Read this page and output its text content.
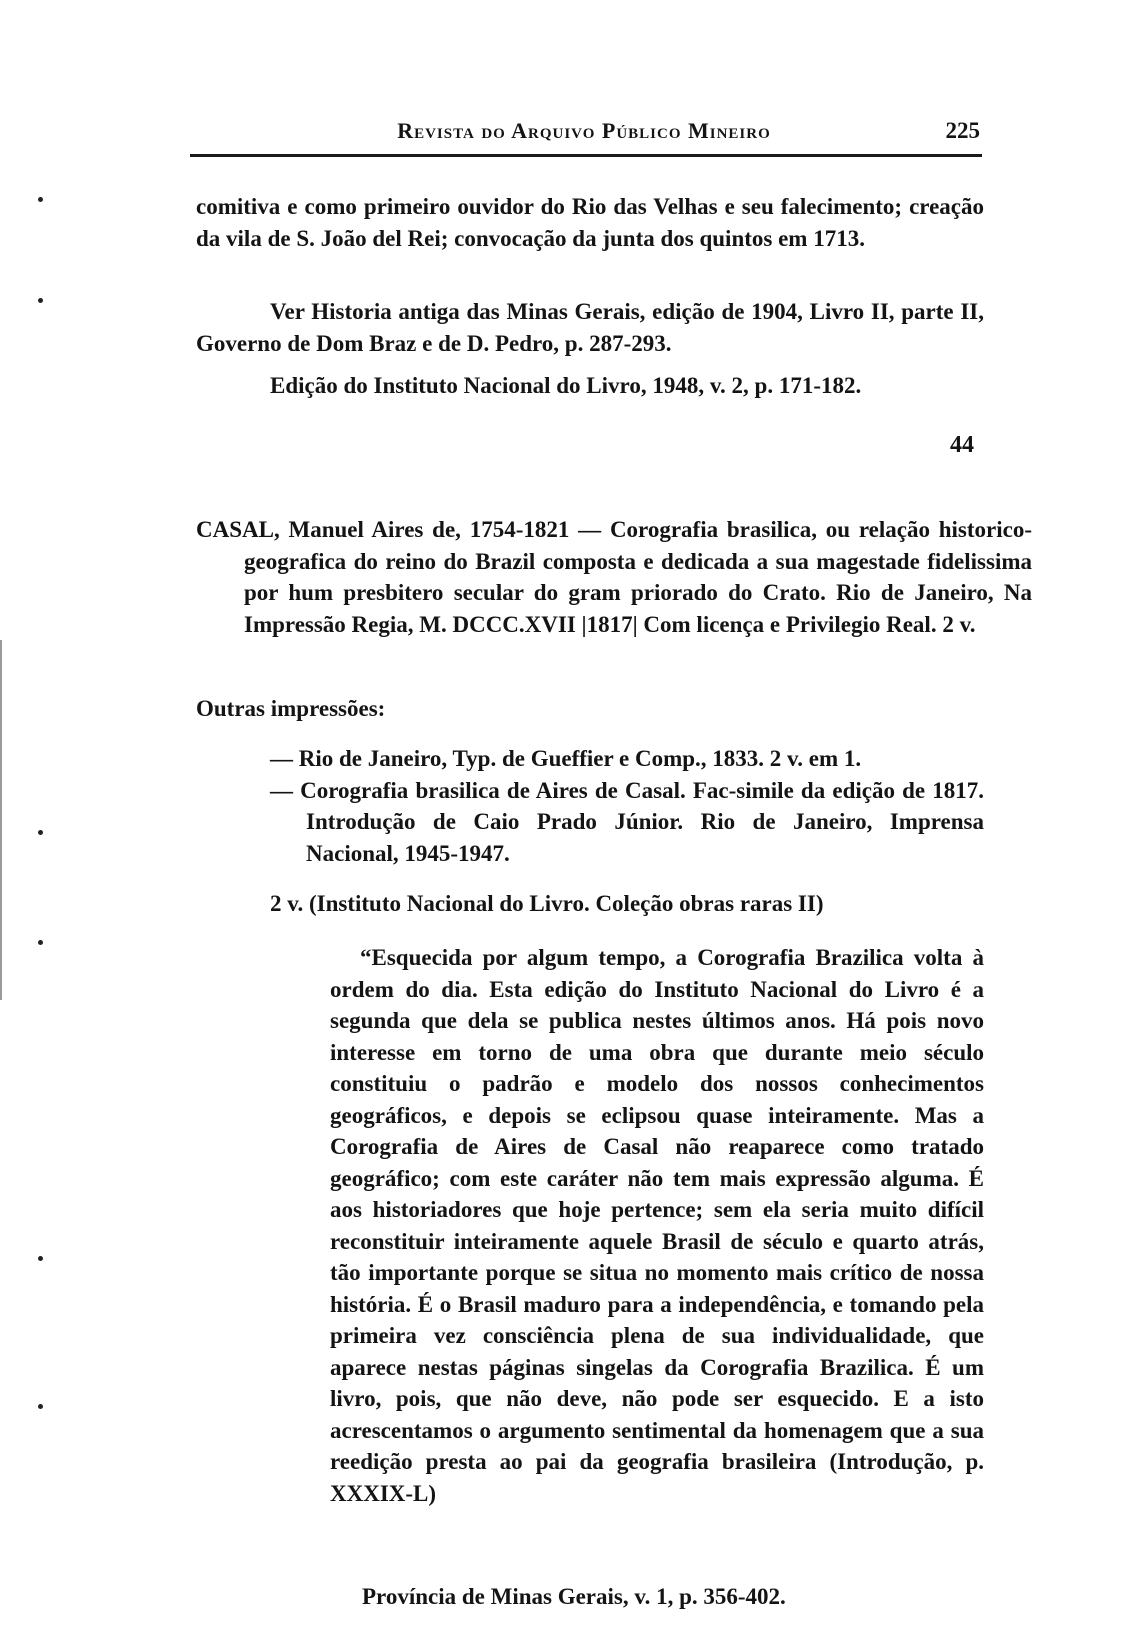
Revista do Arquivo Público Mineiro	225

comitiva e como primeiro ouvidor do Rio das Velhas e seu falecimento; creação da vila de S. João del Rei; convocação da junta dos quintos em 1713.

Ver Historia antiga das Minas Gerais, edição de 1904, Livro II, parte II, Governo de Dom Braz e de D. Pedro, p. 287-293.

Edição do Instituto Nacional do Livro, 1948, v. 2, p. 171-182.

44

CASAL, Manuel Aires de, 1754-1821 — Corografia brasilica, ou relação historico-geografica do reino do Brazil composta e dedicada a sua magestade fidelissima por hum presbitero secular do gram priorado do Crato. Rio de Janeiro, Na Impressão Regia, M. DCCC.XVII |1817| Com licença e Privilegio Real. 2 v.

Outras impressões:
— Rio de Janeiro, Typ. de Gueffier e Comp., 1833. 2 v. em 1.
— Corografia brasilica de Aires de Casal. Fac-simile da edição de 1817. Introdução de Caio Prado Júnior. Rio de Janeiro, Imprensa Nacional, 1945-1947.
2 v. (Instituto Nacional do Livro. Coleção obras raras II)

“Esquecida por algum tempo, a Corografia Brazilica volta à ordem do dia. Esta edição do Instituto Nacional do Livro é a segunda que dela se publica nestes últimos anos. Há pois novo interesse em torno de uma obra que durante meio século constituiu o padrão e modelo dos nossos conhecimentos geográficos, e depois se eclipsou quase inteiramente. Mas a Corografia de Aires de Casal não reaparece como tratado geográfico; com este caráter não tem mais expressão alguma. É aos historiadores que hoje pertence; sem ela seria muito difícil reconstituir inteiramente aquele Brasil de século e quarto atrás, tão importante porque se situa no momento mais crítico de nossa história. É o Brasil maduro para a independência, e tomando pela primeira vez consciência plena de sua individualidade, que aparece nestas páginas singelas da Corografia Brazilica. É um livro, pois, que não deve, não pode ser esquecido. E a isto acrescentamos o argumento sentimental da homenagem que a sua reedição presta ao pai da geografia brasileira (Introdução, p. XXXIX-L)

Província de Minas Gerais, v. 1, p. 356-402.
